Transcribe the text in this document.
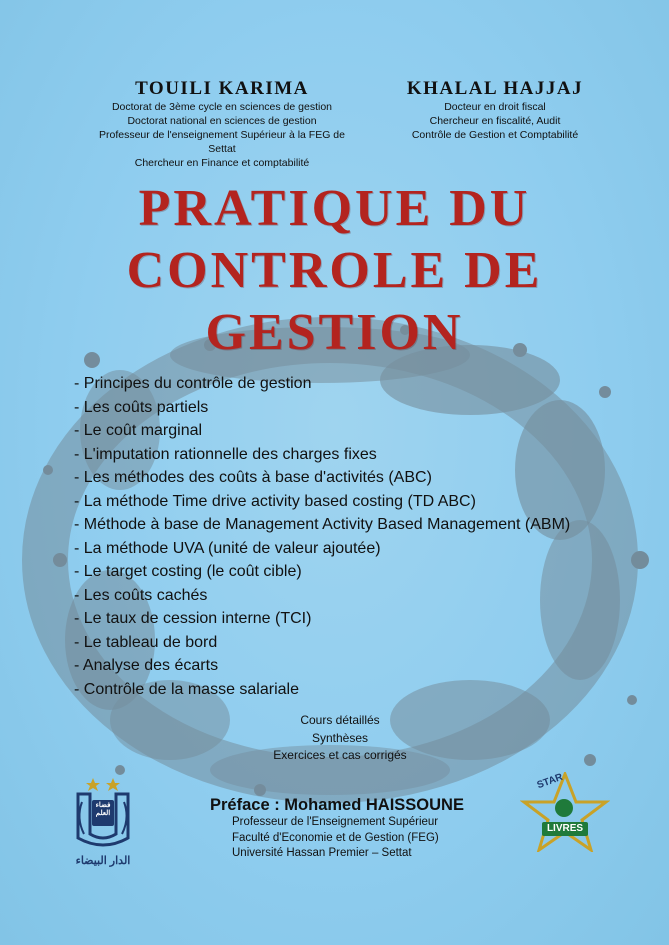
TOUILI KARIMA
Doctorat de 3ème cycle en sciences de gestion
Doctorat national en sciences de gestion
Professeur de l'enseignement Supérieur à la FEG de Settat
Chercheur en Finance et comptabilité
KHALAL HAJJAJ
Docteur en droit fiscal
Chercheur en fiscalité, Audit
Contrôle de Gestion et Comptabilité
PRATIQUE DU
CONTROLE DE
GESTION
- Principes du contrôle de gestion
- Les coûts partiels
- Le coût marginal
- L'imputation rationnelle des charges fixes
- Les méthodes des coûts à base d'activités (ABC)
- La méthode Time drive activity based costing (TD ABC)
- Méthode à base de Management Activity Based Management (ABM)
- La méthode UVA (unité de valeur ajoutée)
- Le target costing (le coût cible)
- Les coûts cachés
- Le taux de cession interne (TCI)
- Le tableau de bord
- Analyse des écarts
- Contrôle de la masse salariale
Cours détaillés
Synthèses
Exercices et cas corrigés
فضاء العلم
الدار البيضاء
Préface : Mohamed HAISSOUNE
Professeur de l'Enseignement Supérieur
Faculté d'Economie et de Gestion (FEG)
Université Hassan Premier – Settat
STAR
LIVRES
